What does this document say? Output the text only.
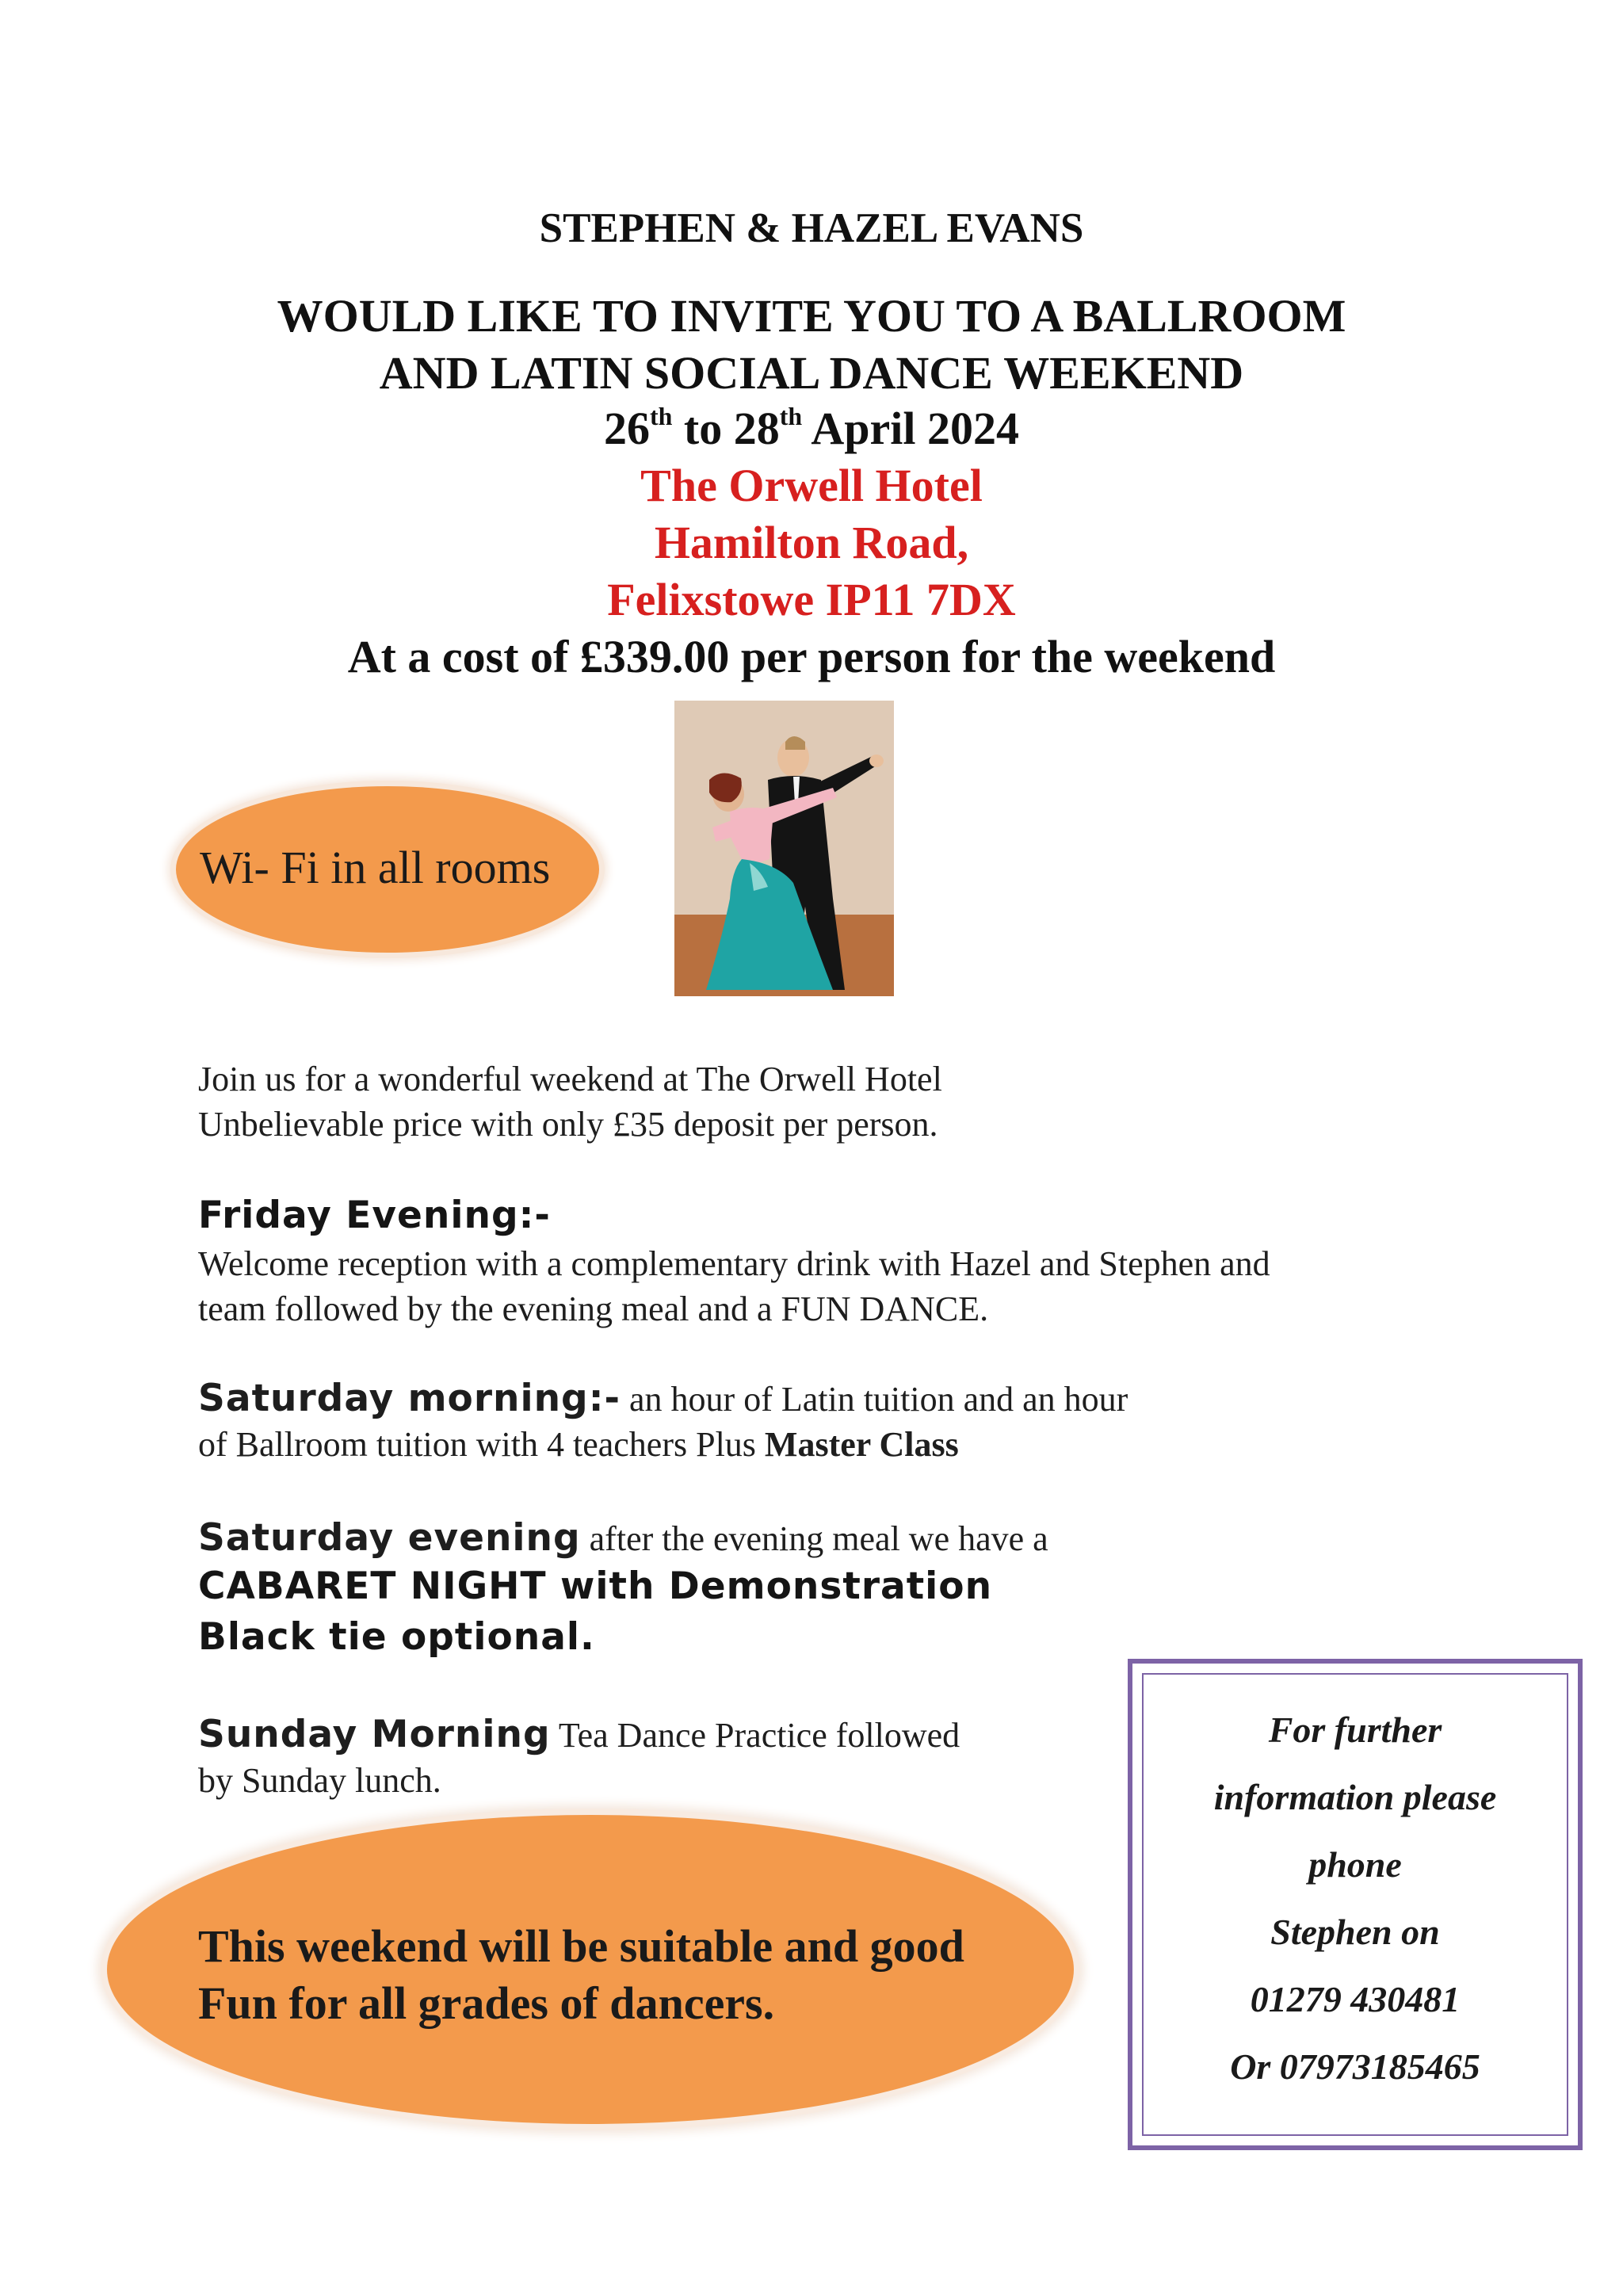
STEPHEN & HAZEL EVANS
WOULD LIKE TO INVITE YOU TO A BALLROOM
AND LATIN SOCIAL DANCE WEEKEND
26th to 28th April 2024
The Orwell Hotel
Hamilton Road,
Felixstowe IP11 7DX
At a cost of £339.00 per person for the weekend
Wi- Fi in all rooms
Join us for a wonderful weekend at The Orwell Hotel
Unbelievable price with only £35 deposit per person.
Friday Evening:-
Welcome reception with a complementary drink with Hazel and Stephen and
team followed by the evening meal and a FUN DANCE.
Saturday morning:- an hour of Latin tuition and an hour
of Ballroom tuition with 4 teachers Plus Master Class
Saturday evening after the evening meal we have a
CABARET NIGHT with Demonstration
Black tie optional.
Sunday Morning Tea Dance Practice followed
by Sunday lunch.
This weekend will be suitable and good
Fun for all grades of dancers.
For further
information please
phone
Stephen on
01279 430481
Or 07973185465
